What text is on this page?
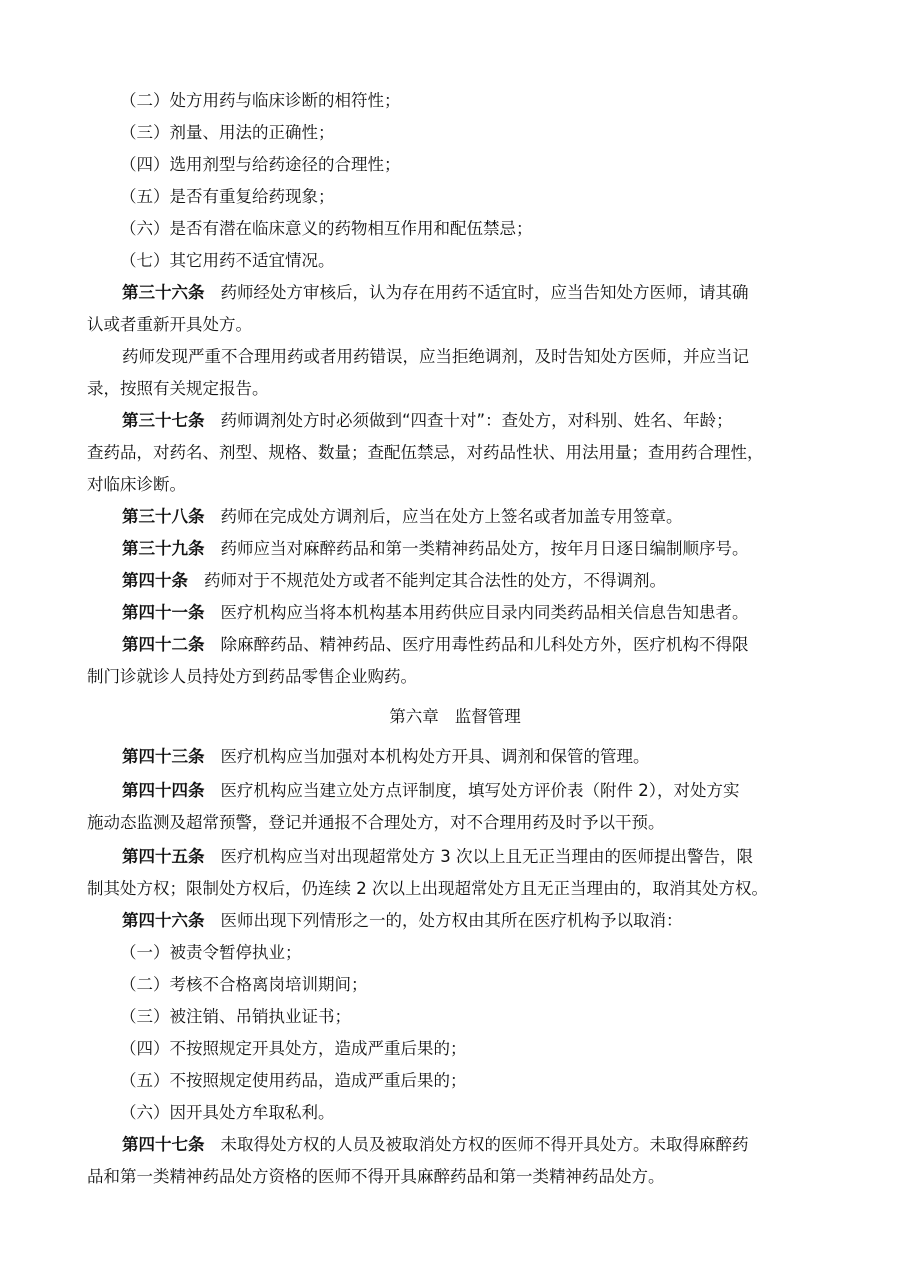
（二）处方用药与临床诊断的相符性；
（三）剂量、用法的正确性；
（四）选用剂型与给药途径的合理性；
（五）是否有重复给药现象；
（六）是否有潜在临床意义的药物相互作用和配伍禁忌；
（七）其它用药不适宜情况。
第三十六条 药师经处方审核后，认为存在用药不适宜时，应当告知处方医师，请其确
认或者重新开具处方。
药师发现严重不合理用药或者用药错误，应当拒绝调剂，及时告知处方医师，并应当记
录，按照有关规定报告。
第三十七条 药师调剂处方时必须做到“四查十对”：查处方，对科别、姓名、年龄；
查药品，对药名、剂型、规格、数量；查配伍禁忌，对药品性状、用法用量；查用药合理性，
对临床诊断。
第三十八条 药师在完成处方调剂后，应当在处方上签名或者加盖专用签章。
第三十九条 药师应当对麻醉药品和第一类精神药品处方，按年月日逐日编制顺序号。
第四十条 药师对于不规范处方或者不能判定其合法性的处方，不得调剂。
第四十一条 医疗机构应当将本机构基本用药供应目录内同类药品相关信息告知患者。
第四十二条 除麻醉药品、精神药品、医疗用毒性药品和儿科处方外，医疗机构不得限
制门诊就诊人员持处方到药品零售企业购药。
第六章 监督管理
第四十三条 医疗机构应当加强对本机构处方开具、调剂和保管的管理。
第四十四条 医疗机构应当建立处方点评制度，填写处方评价表（附件 2），对处方实
施动态监测及超常预警，登记并通报不合理处方，对不合理用药及时予以干预。
第四十五条 医疗机构应当对出现超常处方 3 次以上且无正当理由的医师提出警告，限
制其处方权；限制处方权后，仍连续 2 次以上出现超常处方且无正当理由的，取消其处方权。
第四十六条 医师出现下列情形之一的，处方权由其所在医疗机构予以取消：
（一）被责令暂停执业；
（二）考核不合格离岗培训期间；
（三）被注销、吊销执业证书；
（四）不按照规定开具处方，造成严重后果的；
（五）不按照规定使用药品，造成严重后果的；
（六）因开具处方牟取私利。
第四十七条 未取得处方权的人员及被取消处方权的医师不得开具处方。未取得麻醉药
品和第一类精神药品处方资格的医师不得开具麻醉药品和第一类精神药品处方。
